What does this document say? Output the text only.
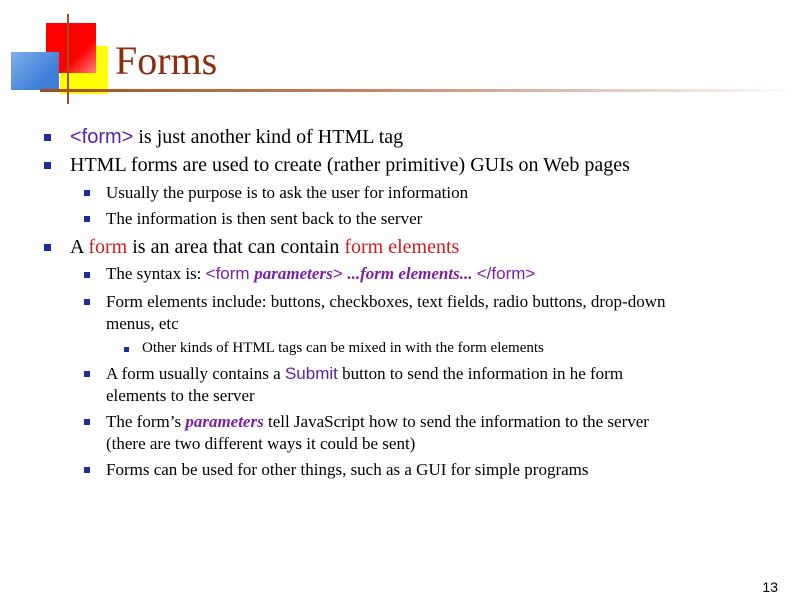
Forms
<form> is just another kind of HTML tag
HTML forms are used to create (rather primitive) GUIs on Web pages
Usually the purpose is to ask the user for information
The information is then sent back to the server
A form is an area that can contain form elements
The syntax is: <form parameters> ...form elements... </form>
Form elements include: buttons, checkboxes, text fields, radio buttons, drop-down
menus, etc
Other kinds of HTML tags can be mixed in with the form elements
A form usually contains a Submit button to send the information in he form
elements to the server
The form’s parameters tell JavaScript how to send the information to the server
(there are two different ways it could be sent)
Forms can be used for other things, such as a GUI for simple programs
13
